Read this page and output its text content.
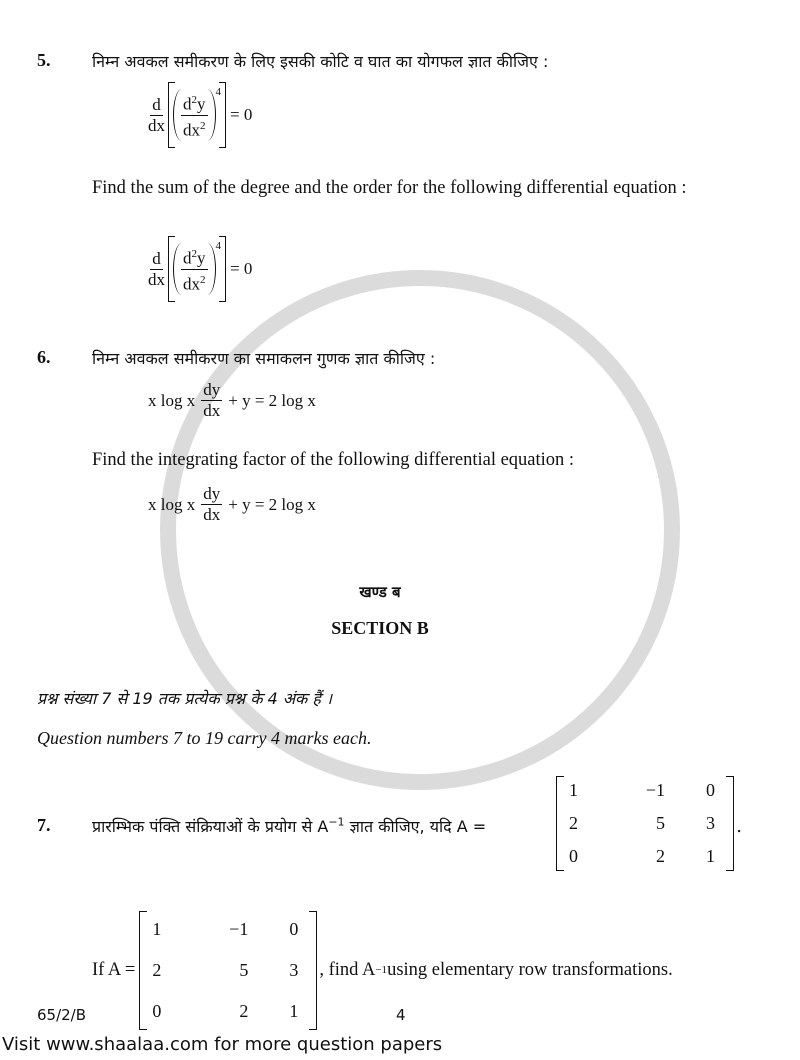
5.	निम्न अवकल समीकरण के लिए इसकी कोटि व घात का योगफल ज्ञात कीजिए :
$\frac{d}{dx} \frac{d^2y}{dx^2} ^4$
= 0
Find the sum of the degree and the order for the following differential equation :
$\frac{d}{dx} \frac{d^2y}{dx^2} ^4$
= 0
6.	निम्न अवकल समीकरण का समाकलन गुणक ज्ञात कीजिए :
x log x $\frac{dy}{dx} + y = 2$ log x
Find the integrating factor of the following differential equation :
x log x $\frac{dy}{dx} + y = 2$ log x
खण्ड ब
SECTION B
प्रश्न संख्या 7 से 19 तक प्रत्येक प्रश्न के 4 अंक हैं ।
Question numbers 7 to 19 carry 4 marks each.
7.	प्रारम्भिक पंक्ति संक्रियाओं के प्रयोग से $A^{-1}$ ज्ञात कीजिए, यदि A =
1	−1	0
2	5	3
0	2	1
.
If A =
1	−1	0
2	5	3
0	2	1
, find A −1 using elementary row transformations.
65/2/B	4
Visit www.shaalaa.com for more question papers
